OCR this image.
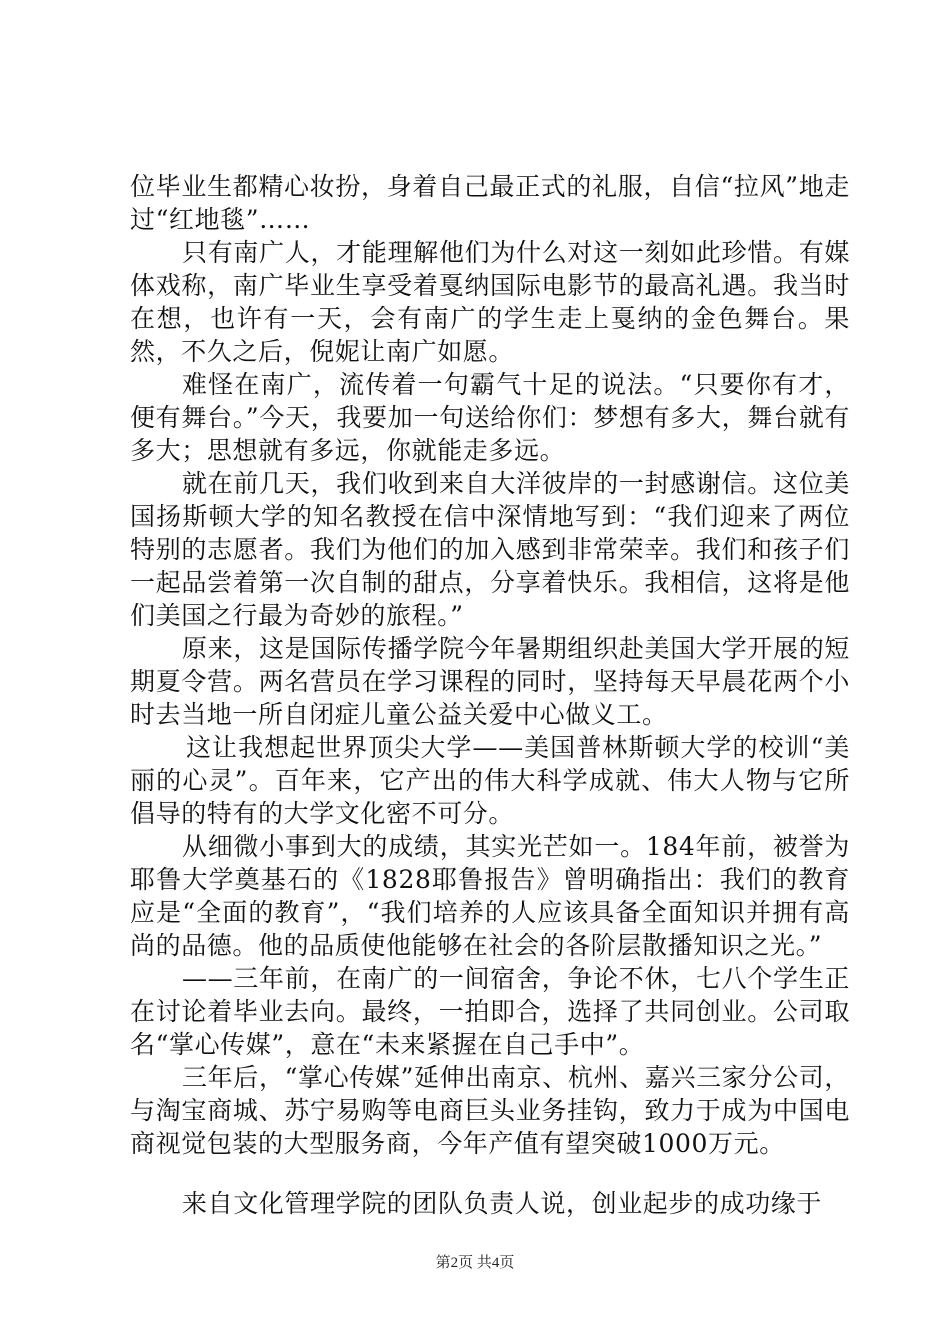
位毕业生都精心妆扮，身着自己最正式的礼服，自信“拉风”地走过“红地毯”……

只有南广人，才能理解他们为什么对这一刻如此珍惜。有媒体戏称，南广毕业生享受着戛纳国际电影节的最高礼遇。我当时在想，也许有一天，会有南广的学生走上戛纳的金色舞台。果然，不久之后，倪妮让南广如愿。

难怪在南广，流传着一句霸气十足的说法。“只要你有才，便有舞台。”今天，我要加一句送给你们：梦想有多大，舞台就有多大；思想就有多远，你就能走多远。

就在前几天，我们收到来自大洋彼岸的一封感谢信。这位美国扬斯顿大学的知名教授在信中深情地写到：“我们迎来了两位特别的志愿者。我们为他们的加入感到非常荣幸。我们和孩子们一起品尝着第一次自制的甜点，分享着快乐。我相信，这将是他们美国之行最为奇妙的旅程。”

原来，这是国际传播学院今年暑期组织赴美国大学开展的短期夏令营。两名营员在学习课程的同时，坚持每天早晨花两个小时去当地一所自闭症儿童公益关爱中心做义工。

这让我想起世界顶尖大学——美国普林斯顿大学的校训“美丽的心灵”。百年来，它产出的伟大科学成就、伟大人物与它所倡导的特有的大学文化密不可分。

从细微小事到大的成绩，其实光芒如一。184年前，被誉为耶鲁大学奠基石的《1828耶鲁报告》曾明确指出：我们的教育应是“全面的教育”，“我们培养的人应该具备全面知识并拥有高尚的品德。他的品质使他能够在社会的各阶层散播知识之光。”

——三年前，在南广的一间宿舍，争论不休，七八个学生正在讨论着毕业去向。最终，一拍即合，选择了共同创业。公司取名“掌心传媒”，意在“未来紧握在自己手中”。

三年后，“掌心传媒”延伸出南京、杭州、嘉兴三家分公司，与淘宝商城、苏宁易购等电商巨头业务挂钩，致力于成为中国电商视觉包装的大型服务商，今年产值有望突破1000万元。

来自文化管理学院的团队负责人说，创业起步的成功缘于

第2页 共4页
